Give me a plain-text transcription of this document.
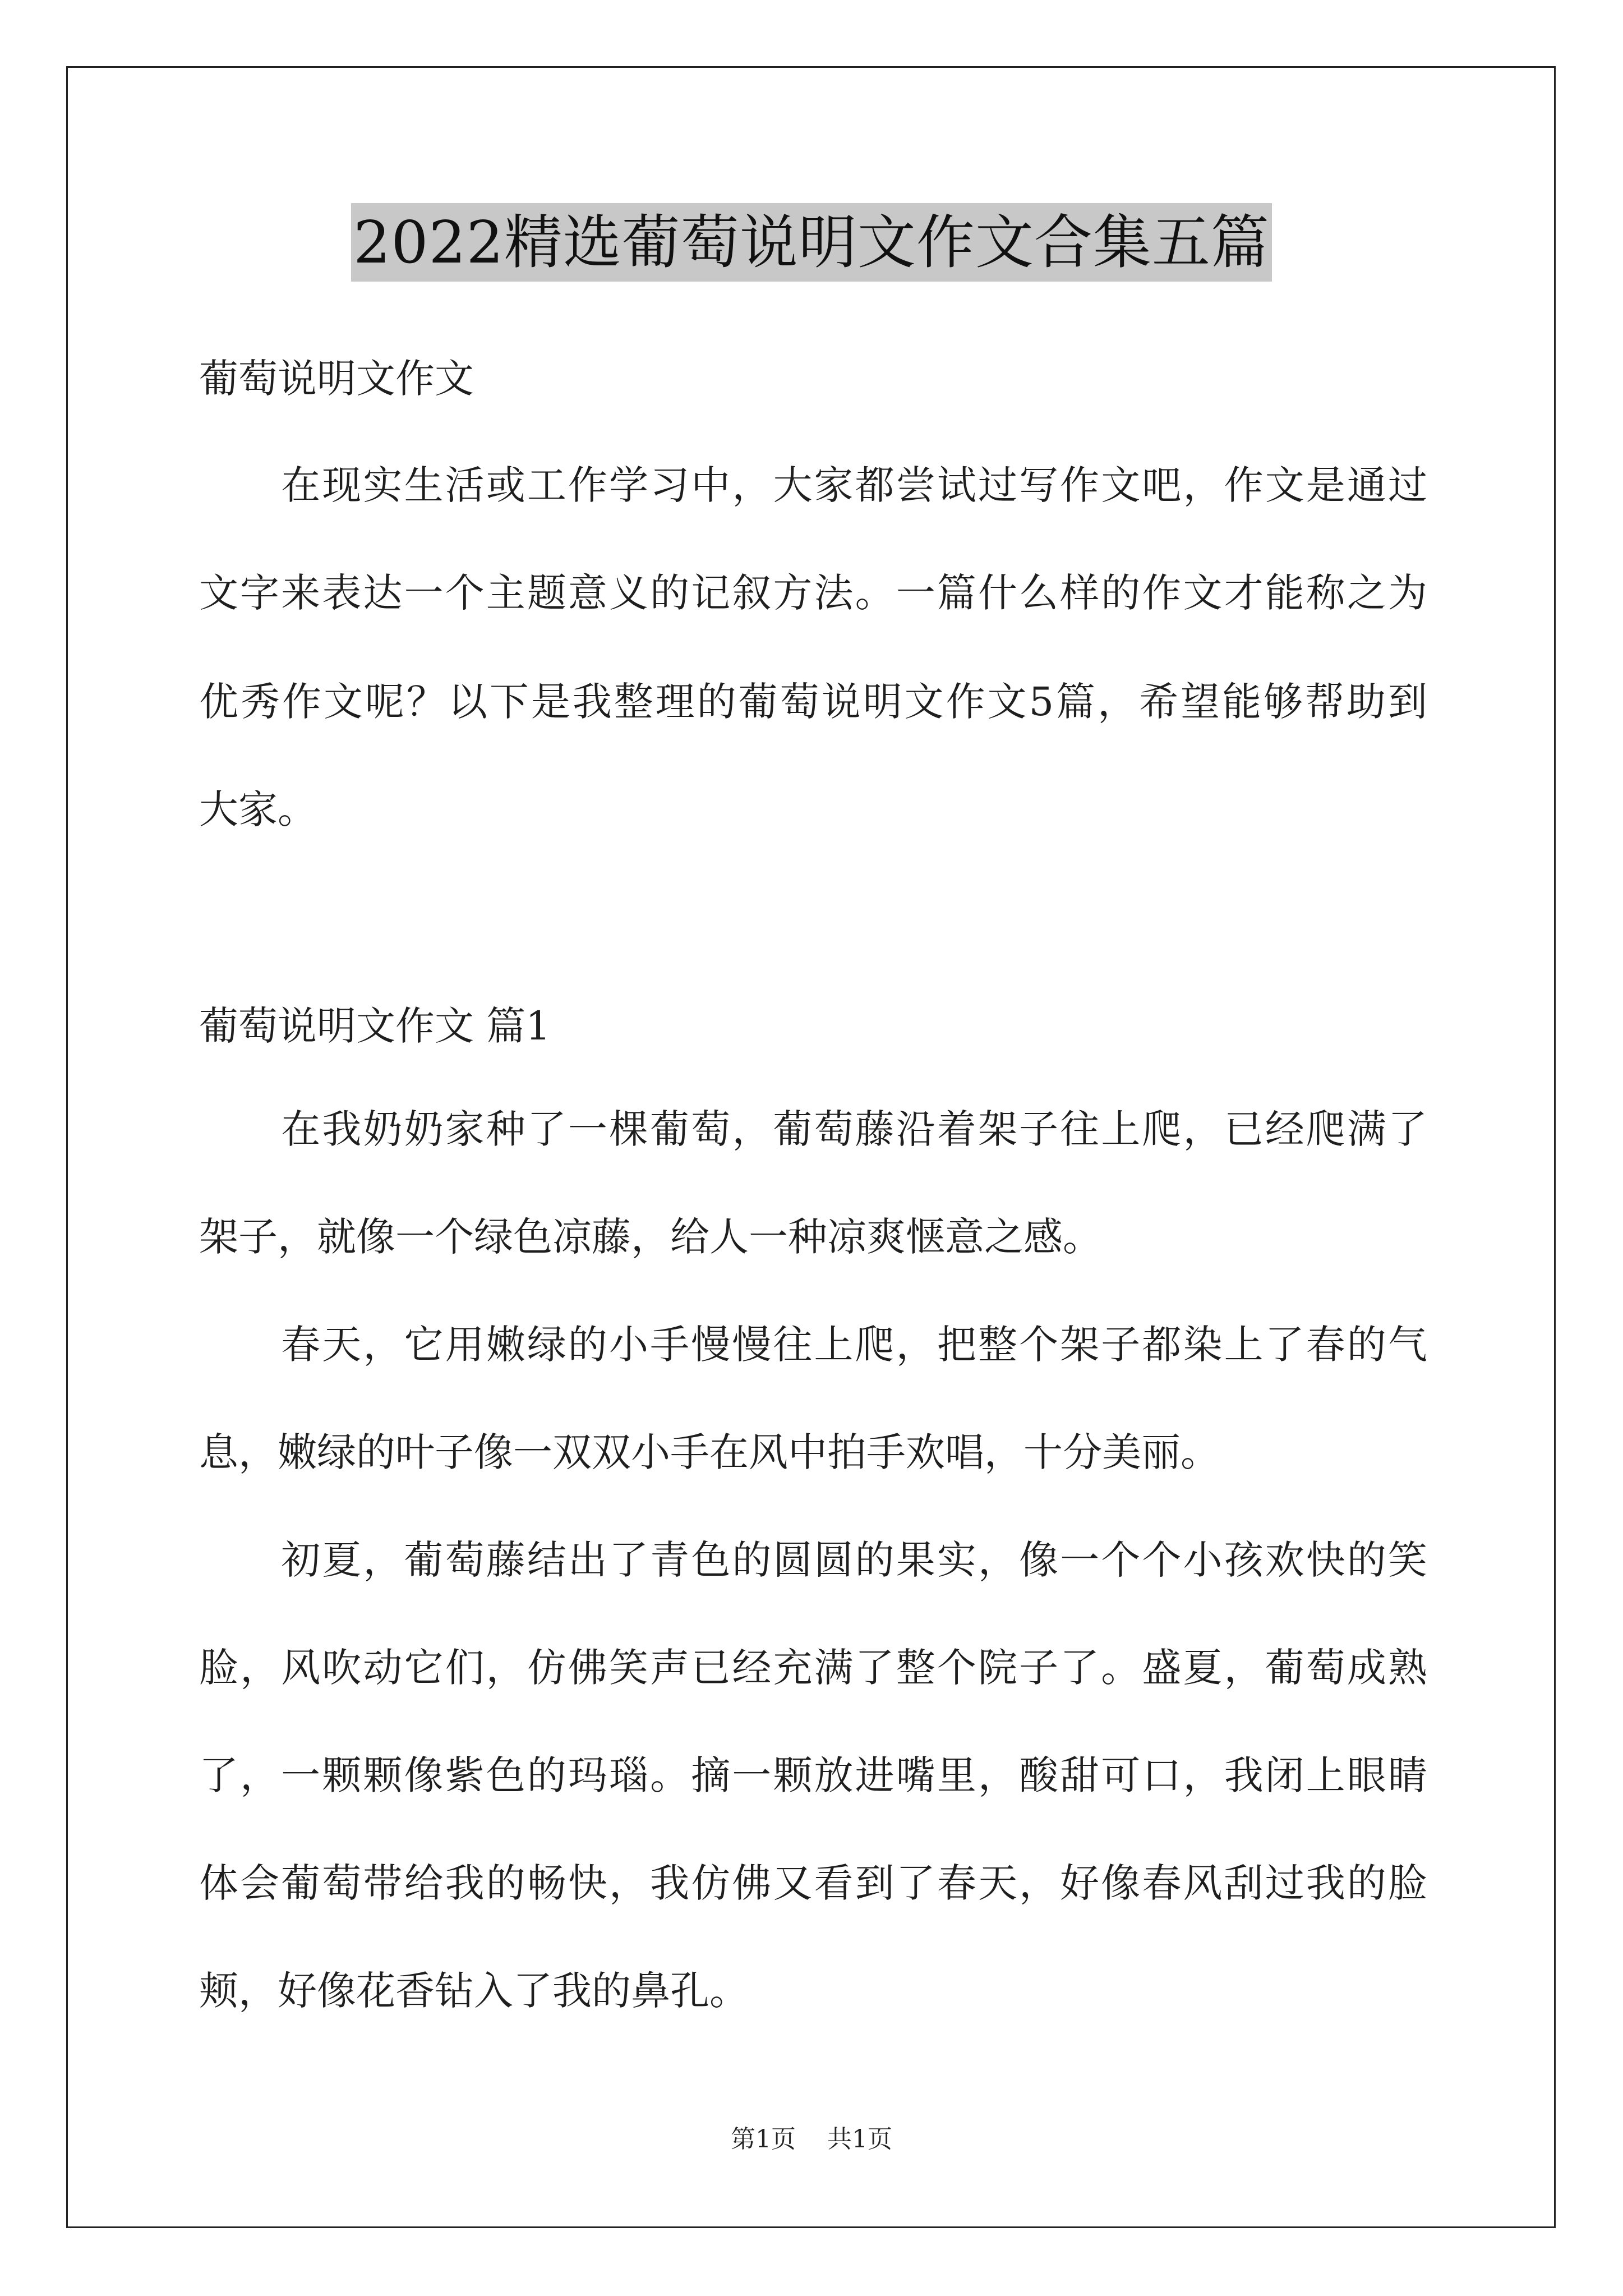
2022精选葡萄说明文作文合集五篇
葡萄说明文作文
　　在现实生活或工作学习中，大家都尝试过写作文吧，作文是通过
文字来表达一个主题意义的记叙方法。一篇什么样的作文才能称之为
优秀作文呢？以下是我整理的葡萄说明文作文5篇，希望能够帮助到
大家。
葡萄说明文作文 篇1
　　在我奶奶家种了一棵葡萄，葡萄藤沿着架子往上爬，已经爬满了
架子，就像一个绿色凉藤，给人一种凉爽惬意之感。
　　春天，它用嫩绿的小手慢慢往上爬，把整个架子都染上了春的气
息，嫩绿的叶子像一双双小手在风中拍手欢唱，十分美丽。
　　初夏，葡萄藤结出了青色的圆圆的果实，像一个个小孩欢快的笑
脸，风吹动它们，仿佛笑声已经充满了整个院子了。盛夏，葡萄成熟
了，一颗颗像紫色的玛瑙。摘一颗放进嘴里，酸甜可口，我闭上眼睛
体会葡萄带给我的畅快，我仿佛又看到了春天，好像春风刮过我的脸
颊，好像花香钻入了我的鼻孔。
第1页 共1页
